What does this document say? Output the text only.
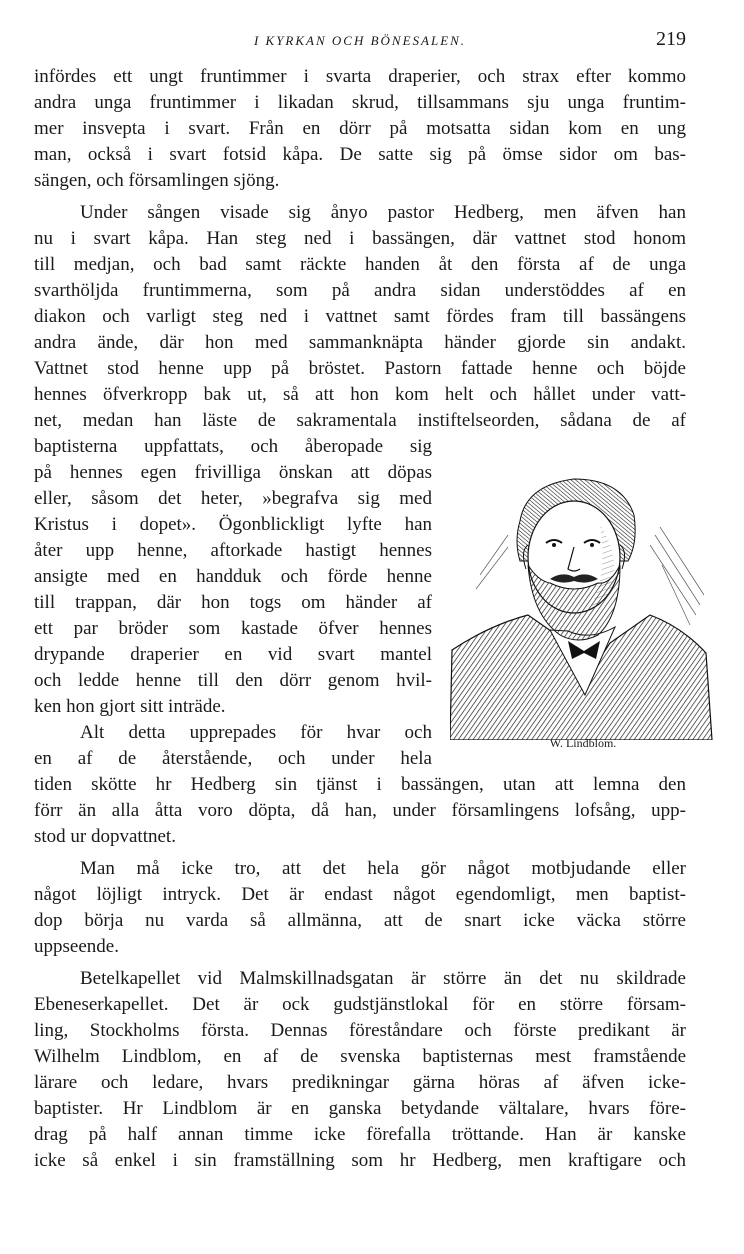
I KYRKAN OCH BÖNESALEN.	219
infördes ett ungt fruntimmer i svarta draperier, och strax efter kommo
andra unga fruntimmer i likadan skrud, tillsammans sju unga fruntim-
mer insvepta i svart. Från en dörr på motsatta sidan kom en ung
man, också i svart fotsid kåpa. De satte sig på ömse sidor om bas-
sängen, och församlingen sjöng.
Under sången visade sig ånyo pastor Hedberg, men äfven han
nu i svart kåpa. Han steg ned i bassängen, där vattnet stod honom
till medjan, och bad samt räckte handen åt den första af de unga
svarthöljda fruntimmerna, som på andra sidan understöddes af en
diakon och varligt steg ned i vattnet samt fördes fram till bassängens
andra ände, där hon med sammanknäpta händer gjorde sin andakt.
Vattnet stod henne upp på bröstet. Pastorn fattade henne och böjde
hennes öfverkropp bak ut, så att hon kom helt och hållet under vatt-
net, medan han läste de sakramentala instiftelseorden, sådana de af
baptisterna uppfattats, och åberopade sig
på hennes egen frivilliga önskan att döpas
eller, såsom det heter, »begrafva sig med
Kristus i dopet». Ögonblickligt lyfte han
åter upp henne, aftorkade hastigt hennes
ansigte med en handduk och förde henne
till trappan, där hon togs om händer af
ett par bröder som kastade öfver hennes
drypande draperier en vid svart mantel
och ledde henne till den dörr genom hvil-
ken hon gjort sitt inträde.
Alt detta upprepades för hvar och
en af de återstående, och under hela
tiden skötte hr Hedberg sin tjänst i bassängen, utan att lemna den
förr än alla åtta voro döpta, då han, under församlingens lofsång, upp-
stod ur dopvattnet.
Man må icke tro, att det hela gör något motbjudande eller
något löjligt intryck. Det är endast något egendomligt, men baptist-
dop börja nu varda så allmänna, att de snart icke väcka större
uppseende.
Betelkapellet vid Malmskillnadsgatan är större än det nu skildrade
Ebeneserkapellet. Det är ock gudstjänstlokal för en större försam-
ling, Stockholms första. Dennas föreståndare och förste predikant är
Wilhelm Lindblom, en af de svenska baptisternas mest framstående
lärare och ledare, hvars predikningar gärna höras af äfven icke-
baptister. Hr Lindblom är en ganska betydande vältalare, hvars före-
drag på half annan timme icke förefalla tröttande. Han är kanske
icke så enkel i sin framställning som hr Hedberg, men kraftigare och
W. Lindblom.
